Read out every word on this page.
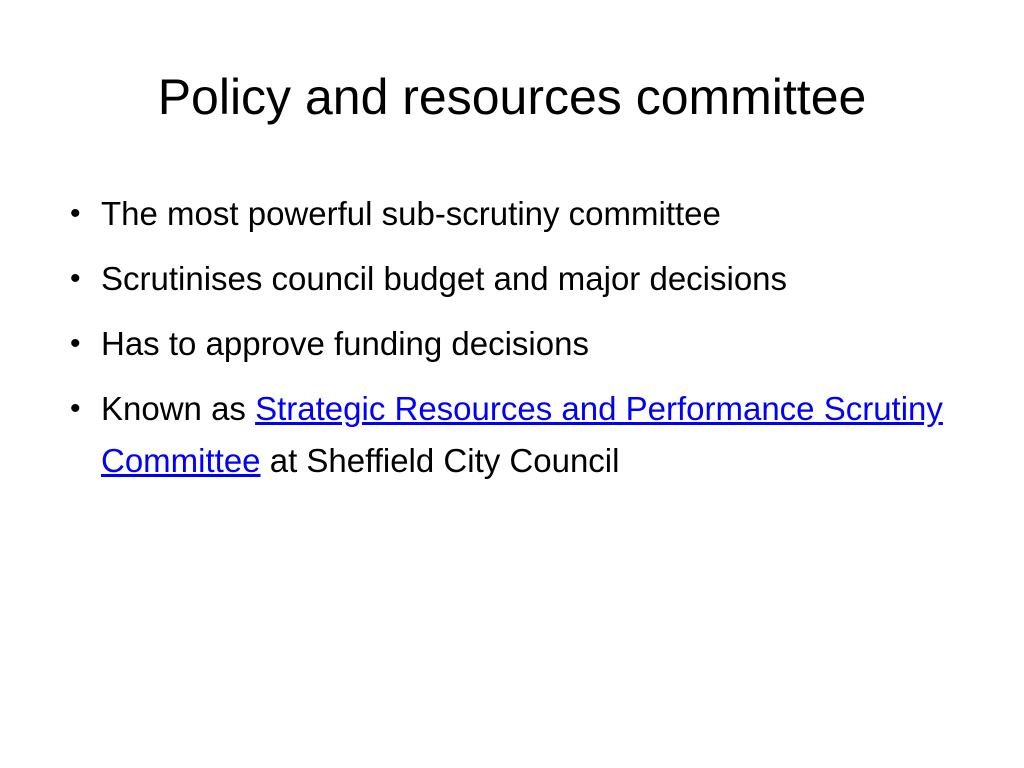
Policy and resources committee
• The most powerful sub-scrutiny committee
• Scrutinises council budget and major decisions
• Has to approve funding decisions
• Known as Strategic Resources and Performance Scrutiny Committee at Sheffield City Council
